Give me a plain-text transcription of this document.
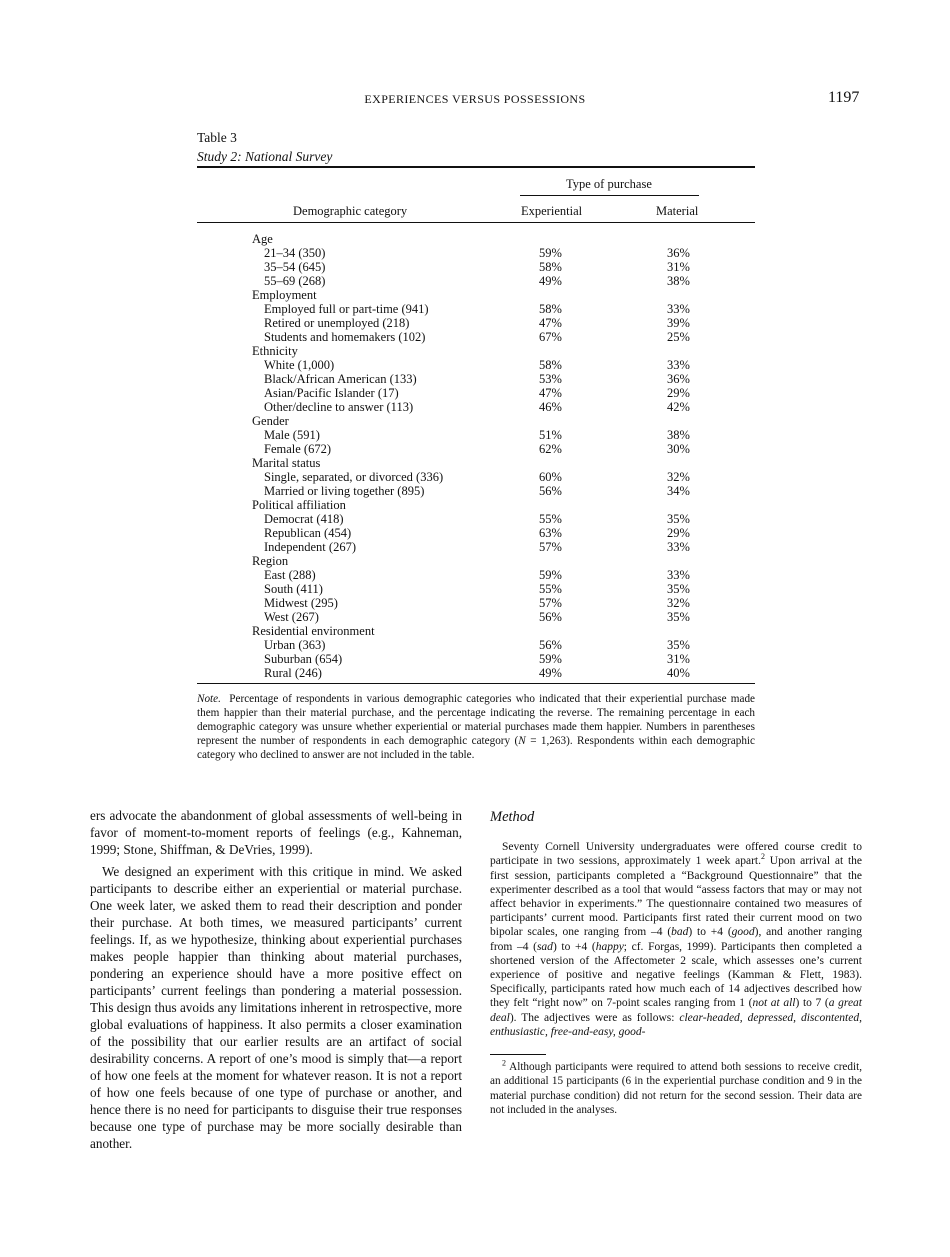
EXPERIENCES VERSUS POSSESSIONS	1197
Table 3
Study 2: National Survey
Type of purchase
Demographic category	Experiential	Material
Age
21–34 (350)	59%	36%
35–54 (645)	58%	31%
55–69 (268)	49%	38%
Employment
Employed full or part-time (941)	58%	33%
Retired or unemployed (218)	47%	39%
Students and homemakers (102)	67%	25%
Ethnicity
White (1,000)	58%	33%
Black/African American (133)	53%	36%
Asian/Pacific Islander (17)	47%	29%
Other/decline to answer (113)	46%	42%
Gender
Male (591)	51%	38%
Female (672)	62%	30%
Marital status
Single, separated, or divorced (336)	60%	32%
Married or living together (895)	56%	34%
Political affiliation
Democrat (418)	55%	35%
Republican (454)	63%	29%
Independent (267)	57%	33%
Region
East (288)	59%	33%
South (411)	55%	35%
Midwest (295)	57%	32%
West (267)	56%	35%
Residential environment
Urban (363)	56%	35%
Suburban (654)	59%	31%
Rural (246)	49%	40%
Note. Percentage of respondents in various demographic categories who indicated that their experiential purchase made them happier than their material purchase, and the percentage indicating the reverse. The remaining percentage in each demographic category was unsure whether experiential or material purchases made them happier. Numbers in parentheses represent the number of respondents in each demographic category (N = 1,263). Respondents within each demographic category who declined to answer are not included in the table.

ers advocate the abandonment of global assessments of well-being in favor of moment-to-moment reports of feelings (e.g., Kahneman, 1999; Stone, Shiffman, & DeVries, 1999).

We designed an experiment with this critique in mind. We asked participants to describe either an experiential or material purchase. One week later, we asked them to read their description and ponder their purchase. At both times, we measured participants’ current feelings. If, as we hypothesize, thinking about experiential purchases makes people happier than thinking about material purchases, pondering an experience should have a more positive effect on participants’ current feelings than pondering a material possession. This design thus avoids any limitations inherent in retrospective, more global evaluations of happiness. It also permits a closer examination of the possibility that our earlier results are an artifact of social desirability concerns. A report of one’s mood is simply that—a report of how one feels at the moment for whatever reason. It is not a report of how one feels because of one type of purchase or another, and hence there is no need for participants to disguise their true responses because one type of purchase may be more socially desirable than another.

Method

Seventy Cornell University undergraduates were offered course credit to participate in two sessions, approximately 1 week apart.$^2$ Upon arrival at the first session, participants completed a “Background Questionnaire” that the experimenter described as a tool that would “assess factors that may or may not affect behavior in experiments.” The questionnaire contained two measures of participants’ current mood. Participants first rated their current mood on two bipolar scales, one ranging from –4 (bad) to +4 (good), and another ranging from –4 (sad) to +4 (happy; cf. Forgas, 1999). Participants then completed a shortened version of the Affectometer 2 scale, which assesses one’s current experience of positive and negative feelings (Kamman & Flett, 1983). Specifically, participants rated how much each of 14 adjectives described how they felt “right now” on 7-point scales ranging from 1 (not at all) to 7 (a great deal). The adjectives were as follows: clear-headed, depressed, discontented, enthusiastic, free-and-easy, good-

$^2$ Although participants were required to attend both sessions to receive credit, an additional 15 participants (6 in the experiential purchase condition and 9 in the material purchase condition) did not return for the second session. Their data are not included in the analyses.
